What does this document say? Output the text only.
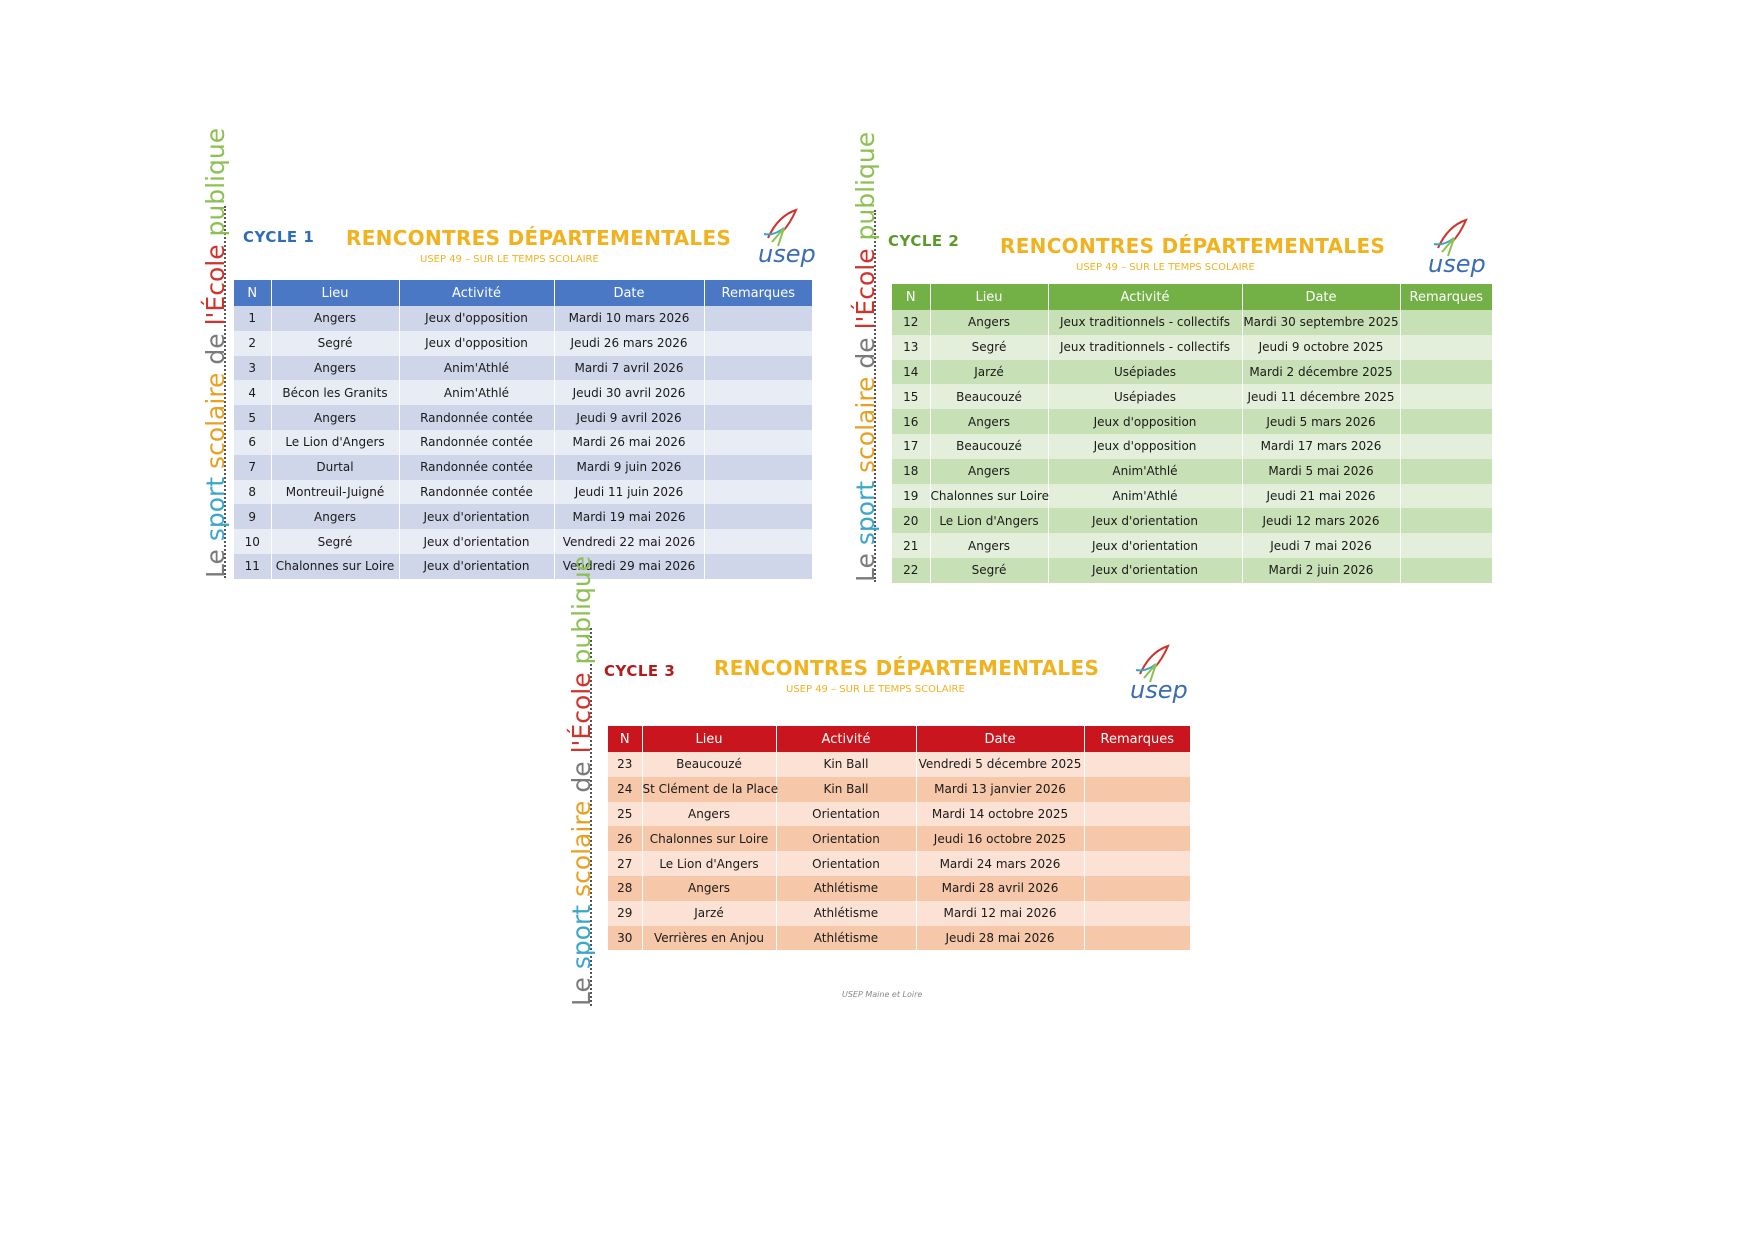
Le sport scolaire de l'École publique
CYCLE 1 RENCONTRES DÉPARTEMENTALES
USEP 49 – SUR LE TEMPS SCOLAIRE	usep
N	Lieu	Activité	Date	Remarques
1	Angers	Jeux d'opposition	Mardi 10 mars 2026	
2	Segré	Jeux d'opposition	Jeudi 26 mars 2026	
3	Angers	Anim'Athlé	Mardi 7 avril 2026	
4	Bécon les Granits	Anim'Athlé	Jeudi 30 avril 2026	
5	Angers	Randonnée contée	Jeudi 9 avril 2026	
6	Le Lion d'Angers	Randonnée contée	Mardi 26 mai 2026	
7	Durtal	Randonnée contée	Mardi 9 juin 2026	
8	Montreuil-Juigné	Randonnée contée	Jeudi 11 juin 2026	
9	Angers	Jeux d'orientation	Mardi 19 mai 2026	
10	Segré	Jeux d'orientation	Vendredi 22 mai 2026	
11	Chalonnes sur Loire	Jeux d'orientation	Vendredi 29 mai 2026		Le sport scolaire de l'École publique
CYCLE 2 RENCONTRES DÉPARTEMENTALES
USEP 49 – SUR LE TEMPS SCOLAIRE	usep
N	Lieu	Activité	Date	Remarques
12	Angers	Jeux traditionnels - collectifs	Mardi 30 septembre 2025	
13	Segré	Jeux traditionnels - collectifs	Jeudi 9 octobre 2025	
14	Jarzé	Usépiades	Mardi 2 décembre 2025	
15	Beaucouzé	Usépiades	Jeudi 11 décembre 2025	
16	Angers	Jeux d'opposition	Jeudi 5 mars 2026	
17	Beaucouzé	Jeux d'opposition	Mardi 17 mars 2026	
18	Angers	Anim'Athlé	Mardi 5 mai 2026	
19	Chalonnes sur Loire	Anim'Athlé	Jeudi 21 mai 2026	
20	Le Lion d'Angers	Jeux d'orientation	Jeudi 12 mars 2026	
21	Angers	Jeux d'orientation	Jeudi 7 mai 2026	
22	Segré	Jeux d'orientation	Mardi 2 juin 2026	
Le sport scolaire de l'École publique
CYCLE 3 RENCONTRES DÉPARTEMENTALES
USEP 49 – SUR LE TEMPS SCOLAIRE	usep
N	Lieu	Activité	Date	Remarques
23	Beaucouzé	Kin Ball	Vendredi 5 décembre 2025	
24	St Clément de la Place	Kin Ball	Mardi 13 janvier 2026	
25	Angers	Orientation	Mardi 14 octobre 2025	
26	Chalonnes sur Loire	Orientation	Jeudi 16 octobre 2025	
27	Le Lion d'Angers	Orientation	Mardi 24 mars 2026	
28	Angers	Athlétisme	Mardi 28 avril 2026	
29	Jarzé	Athlétisme	Mardi 12 mai 2026	
30	Verrières en Anjou	Athlétisme	Jeudi 28 mai 2026	
USEP Maine et Loire
